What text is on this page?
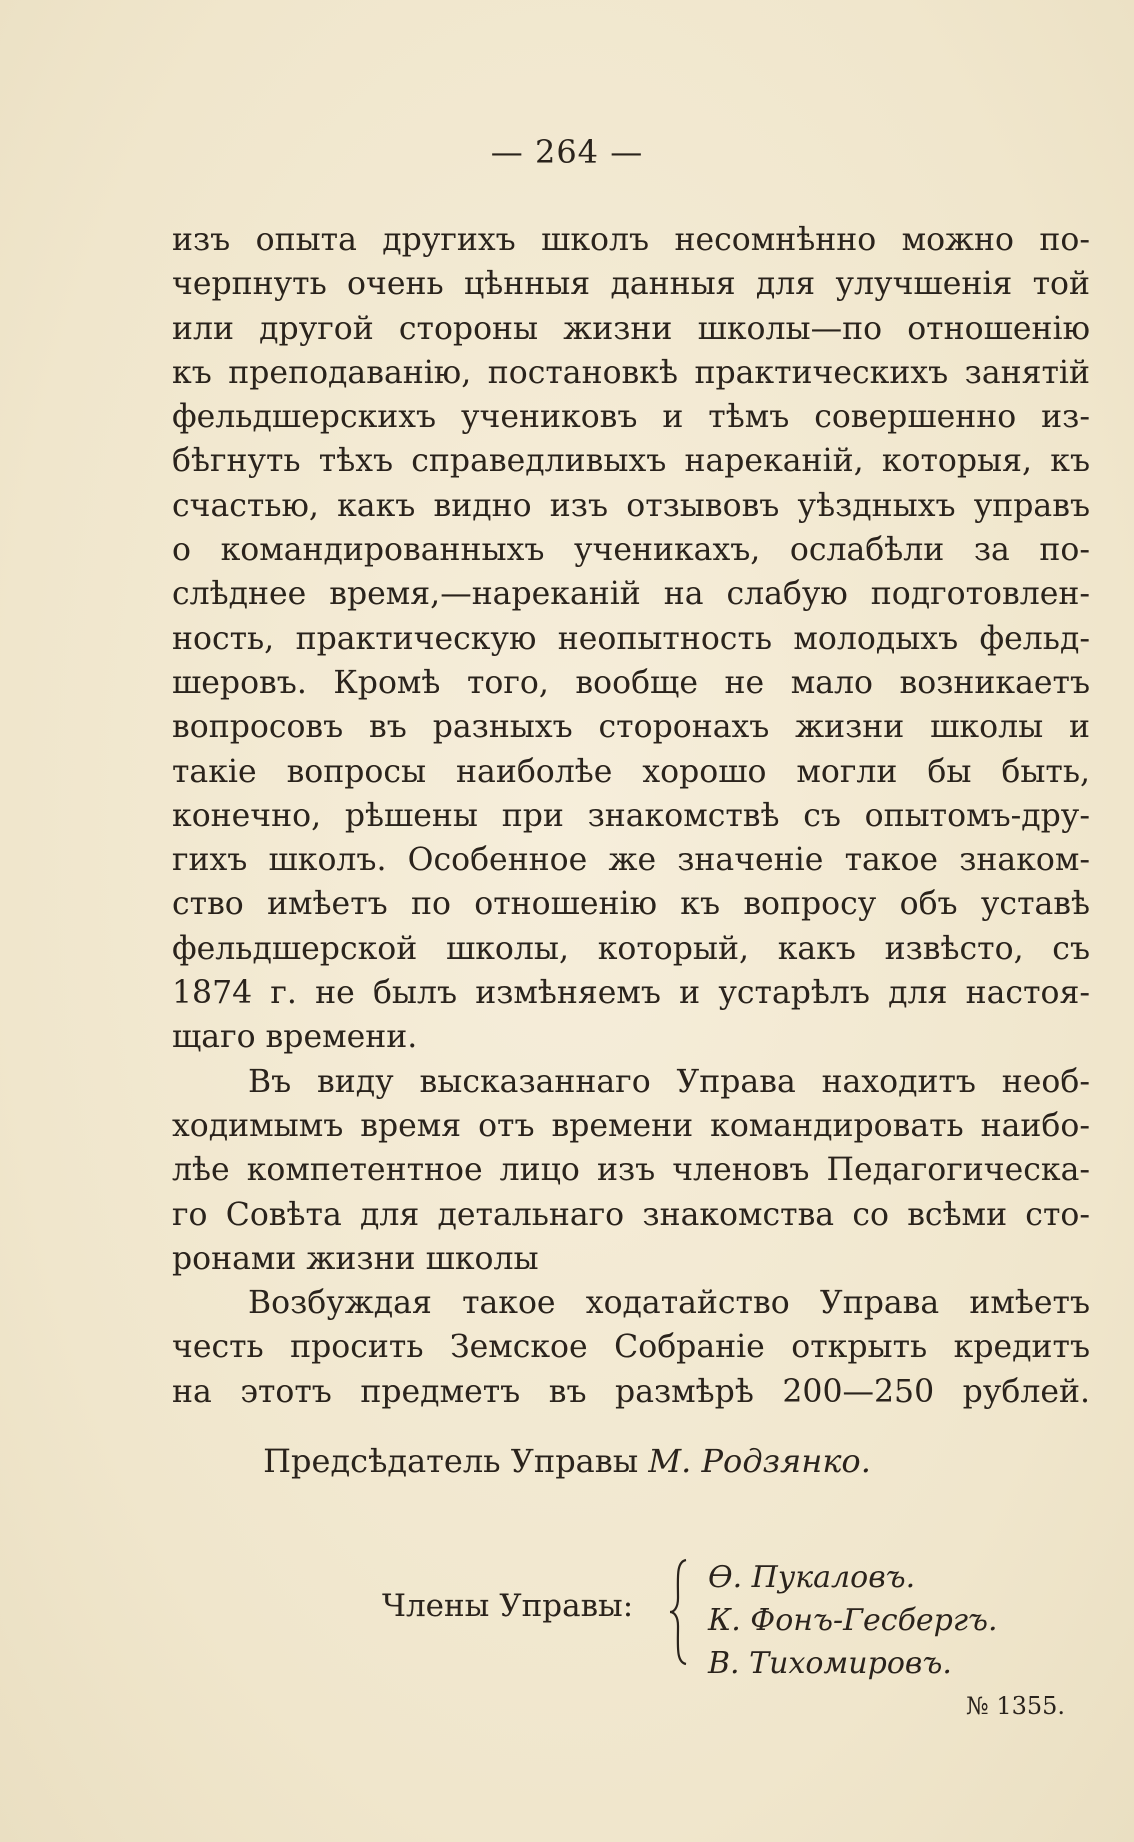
— 264 —
изъ опыта другихъ школъ несомнѣнно можно по-
черпнуть очень цѣнныя данныя для улучшенія той
или другой стороны жизни школы—по отношенію
къ преподаванію, постановкѣ практическихъ занятій
фельдшерскихъ учениковъ и тѣмъ совершенно из-
бѣгнуть тѣхъ справедливыхъ нареканій, которыя, къ
счастью, какъ видно изъ отзывовъ уѣздныхъ управъ
о командированныхъ ученикахъ, ослабѣли за по-
слѣднее время,—нареканій на слабую подготовлен-
ность, практическую неопытность молодыхъ фельд-
шеровъ. Кромѣ того, вообще не мало возникаетъ
вопросовъ въ разныхъ сторонахъ жизни школы и
такіе вопросы наиболѣе хорошо могли бы быть,
конечно, рѣшены при знакомствѣ съ опытомъ-дру-
гихъ школъ. Особенное же значеніе такое знаком-
ство имѣетъ по отношенію къ вопросу объ уставѣ
фельдшерской школы, который, какъ извѣсто, съ
1874 г. не былъ измѣняемъ и устарѣлъ для настоя-
щаго времени.
Въ виду высказаннаго Управа находитъ необ-
ходимымъ время отъ времени командировать наибо-
лѣе компетентное лицо изъ членовъ Педагогическа-
го Совѣта для детальнаго знакомства со всѣми сто-
ронами жизни школы
Возбуждая такое ходатайство Управа имѣетъ
честь просить Земское Собраніе открыть кредитъ
на этотъ предметъ въ размѣрѣ 200—250 рублей.
Предсѣдатель Управы М. Родзянко.
Члены Управы:
Ѳ. Пукаловъ.
К. Фонъ-Гесбергъ.
В. Тихомировъ.
№ 1355.
